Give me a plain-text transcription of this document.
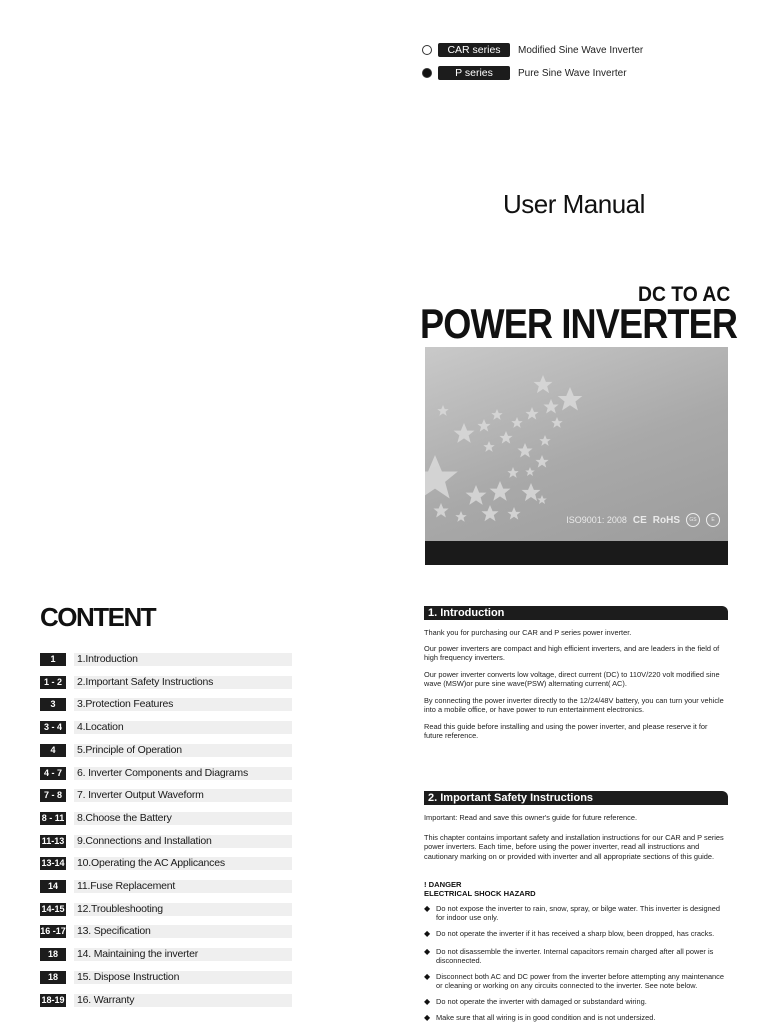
CAR series	Modified Sine Wave Inverter
P series	Pure Sine Wave Inverter
User Manual
DC TO AC
POWER INVERTER
ISO9001: 2008 CE RoHS	GS	E
CONTENT
1	1.Introduction
1 - 2	2.Important Safety Instructions
3	3.Protection Features
3 - 4	4.Location
4	5.Principle of Operation
4 - 7	6. Inverter Components and Diagrams
7 - 8	7. Inverter Output Waveform
8 - 11 8.Choose the Battery
11-13 9.Connections and Installation
13-14 10.Operating the AC Applicances
14	11.Fuse Replacement
14-15 12.Troubleshooting
16 -17 13. Specification
18	14. Maintaining the inverter
18	15. Dispose Instruction
18-19 16. Warranty
1. Introduction
Thank you for purchasing our CAR and P series power inverter.
Our power inverters are compact and high efficient inverters, and are leaders in the field of high frequency inverters.
Our power inverter converts low voltage, direct current (DC) to 110V/220 volt modified sine wave (MSW)or pure sine wave(PSW) alternating current( AC).
By connecting the power inverter directly to the 12/24/48V battery, you can turn your vehicle into a mobile office, or have power to run entertainment electronics.
Read this guide before installing and using the power inverter, and please reserve it for future reference.
2. Important Safety Instructions
Important: Read and save this owner's guide for future reference.
This chapter contains important safety and installation instructions for our CAR and P series power inverters. Each time, before using the power inverter, read all instructions and cautionary marking on or provided with inverter and all appropriate sections of this guide.
! DANGER
ELECTRICAL SHOCK HAZARD
◆ Do not expose the inverter to rain, snow, spray, or bilge water. This inverter is designed for indoor use only.
◆ Do not operate the inverter if it has received a sharp blow, been dropped, has cracks.
◆ Do not disassemble the inverter. Internal capacitors remain charged after all power is disconnected.
◆ Disconnect both AC and DC power from the inverter before attempting any maintenance or cleaning or working on any circuits connected to the inverter. See note below.
◆ Do not operate the inverter with damaged or substandard wiring.
◆ Make sure that all wiring is in good condition and is not undersized.
